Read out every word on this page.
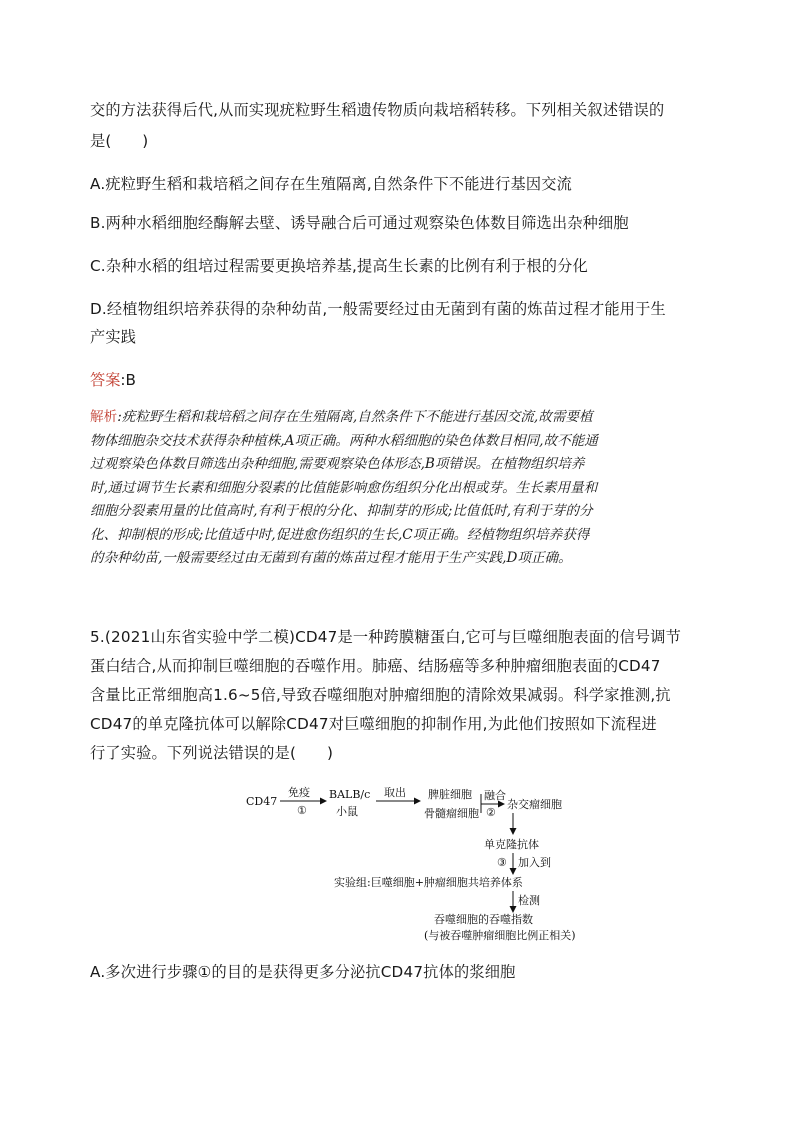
交的方法获得后代,从而实现疣粒野生稻遗传物质向栽培稻转移。下列相关叙述错误的
是(　　)
A.疣粒野生稻和栽培稻之间存在生殖隔离,自然条件下不能进行基因交流
B.两种水稻细胞经酶解去壁、诱导融合后可通过观察染色体数目筛选出杂种细胞
C.杂种水稻的组培过程需要更换培养基,提高生长素的比例有利于根的分化
D.经植物组织培养获得的杂种幼苗,一般需要经过由无菌到有菌的炼苗过程才能用于生
产实践
答案:B
解析:疣粒野生稻和栽培稻之间存在生殖隔离,自然条件下不能进行基因交流,故需要植
物体细胞杂交技术获得杂种植株,A项正确。两种水稻细胞的染色体数目相同,故不能通
过观察染色体数目筛选出杂种细胞,需要观察染色体形态,B项错误。在植物组织培养
时,通过调节生长素和细胞分裂素的比值能影响愈伤组织分化出根或芽。生长素用量和
细胞分裂素用量的比值高时,有利于根的分化、抑制芽的形成;比值低时,有利于芽的分
化、抑制根的形成;比值适中时,促进愈伤组织的生长,C项正确。经植物组织培养获得
的杂种幼苗,一般需要经过由无菌到有菌的炼苗过程才能用于生产实践,D项正确。
5.(2021山东省实验中学二模)CD47是一种跨膜糖蛋白,它可与巨噬细胞表面的信号调节
蛋白结合,从而抑制巨噬细胞的吞噬作用。肺癌、结肠癌等多种肿瘤细胞表面的CD47
含量比正常细胞高1.6~5倍,导致吞噬细胞对肿瘤细胞的清除效果减弱。科学家推测,抗
CD47的单克隆抗体可以解除CD47对巨噬细胞的抑制作用,为此他们按照如下流程进
行了实验。下列说法错误的是(　　)
CD47
免疫
①
BALB/c
小鼠
取出 脾脏细胞
骨髓瘤细胞
融合
②
杂交瘤细胞
单克隆抗体
③ 加入到
实验组:巨噬细胞+肿瘤细胞共培养体系
检测
吞噬细胞的吞噬指数
(与被吞噬肿瘤细胞比例正相关)
A.多次进行步骤①的目的是获得更多分泌抗CD47抗体的浆细胞
